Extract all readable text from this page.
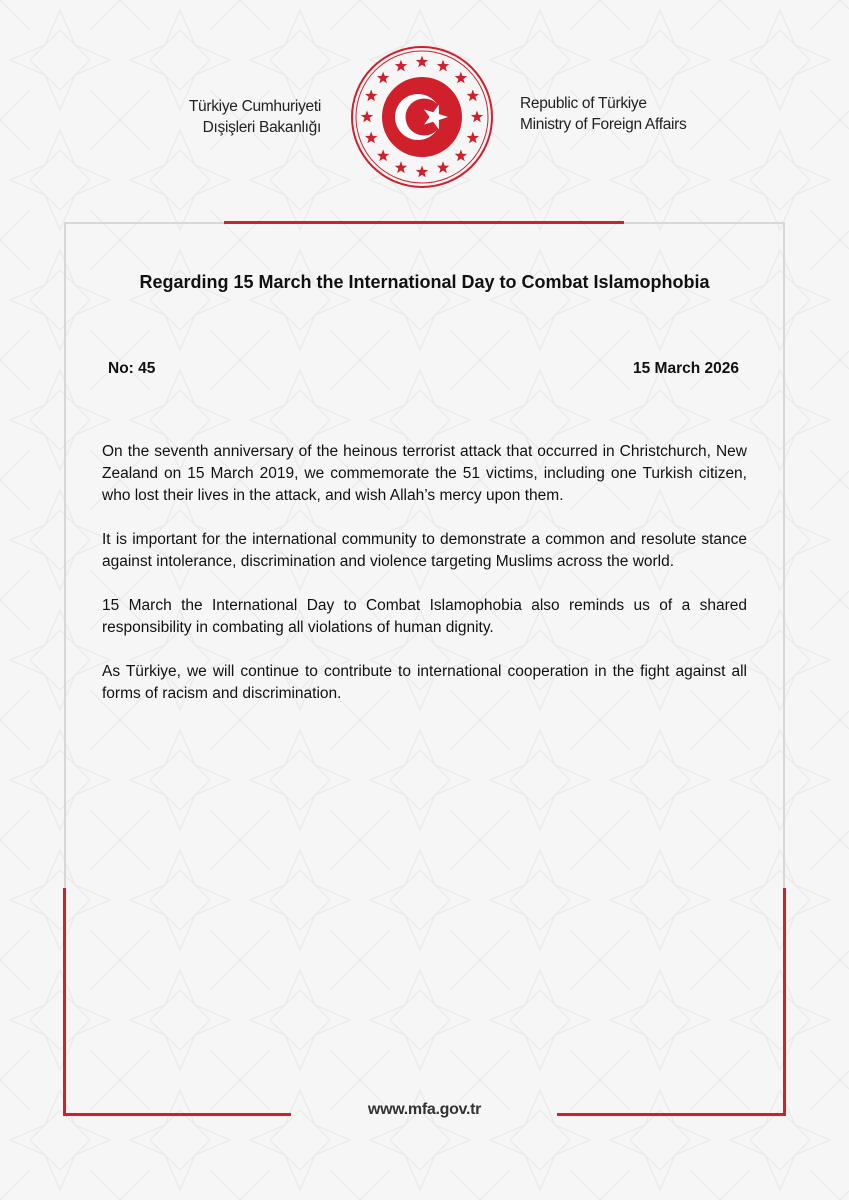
Türkiye Cumhuriyeti
Dışişleri Bakanlığı
Republic of Türkiye
Ministry of Foreign Affairs
Regarding 15 March the International Day to Combat Islamophobia
No: 45	15 March 2026

On the seventh anniversary of the heinous terrorist attack that occurred in Christchurch, New Zealand on 15 March 2019, we commemorate the 51 victims, including one Turkish citizen, who lost their lives in the attack, and wish Allah’s mercy upon them.

It is important for the international community to demonstrate a common and resolute stance against intolerance, discrimination and violence targeting Muslims across the world.

15 March the International Day to Combat Islamophobia also reminds us of a shared responsibility in combating all violations of human dignity.

As Türkiye, we will continue to contribute to international cooperation in the fight against all forms of racism and discrimination.

www.mfa.gov.tr
